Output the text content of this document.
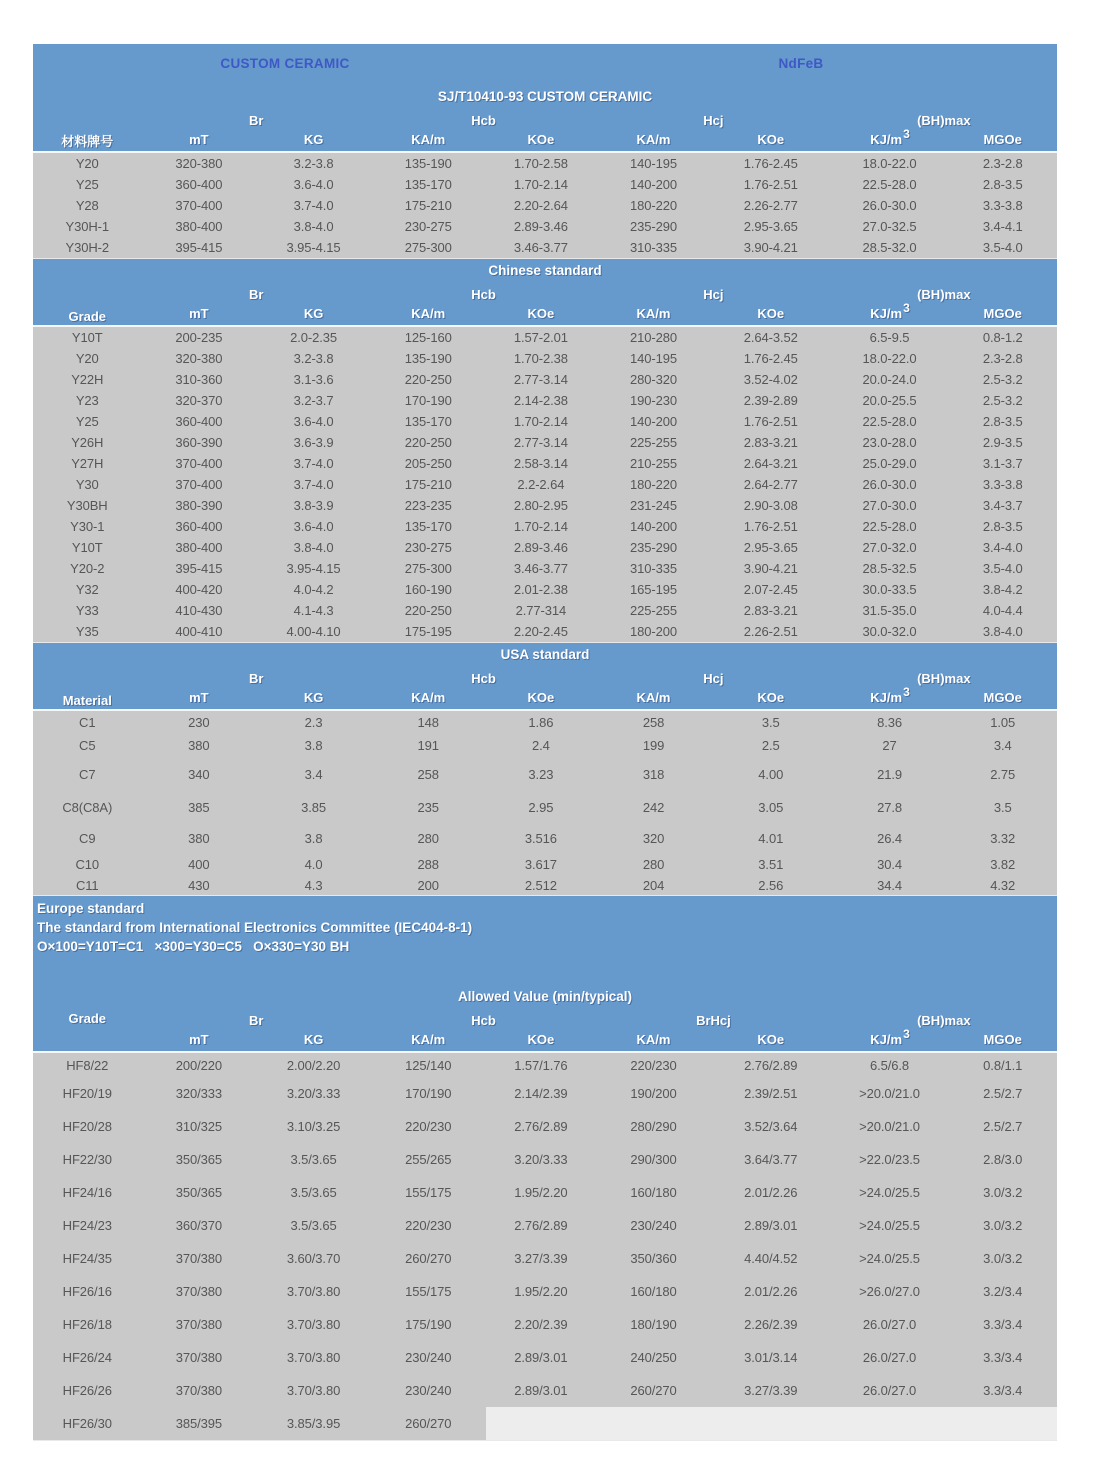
CUSTOM CERAMIC	NdFeB
SJ/T10410-93 CUSTOM CERAMIC								
材料牌号	Br		Hcb		Hcj		(BH)max	
	mT	KG	KA/m	KOe	KA/m	KOe	KJ/m3	MGOe
Y20	320-380	3.2-3.8	135-190	1.70-2.58	140-195	1.76-2.45	18.0-22.0	2.3-2.8
Y25	360-400	3.6-4.0	135-170	1.70-2.14	140-200	1.76-2.51	22.5-28.0	2.8-3.5
Y28	370-400	3.7-4.0	175-210	2.20-2.64	180-220	2.26-2.77	26.0-30.0	3.3-3.8
Y30H-1	380-400	3.8-4.0	230-275	2.89-3.46	235-290	2.95-3.65	27.0-32.5	3.4-4.1
Y30H-2	395-415	3.95-4.15	275-300	3.46-3.77	310-335	3.90-4.21	28.5-32.0	3.5-4.0
Chinese standard								
Grade	Br		Hcb		Hcj		(BH)max	
	mT	KG	KA/m	KOe	KA/m	KOe	KJ/m3	MGOe
Y10T	200-235	2.0-2.35	125-160	1.57-2.01	210-280	2.64-3.52	6.5-9.5	0.8-1.2
Y20	320-380	3.2-3.8	135-190	1.70-2.38	140-195	1.76-2.45	18.0-22.0	2.3-2.8
Y22H	310-360	3.1-3.6	220-250	2.77-3.14	280-320	3.52-4.02	20.0-24.0	2.5-3.2
Y23	320-370	3.2-3.7	170-190	2.14-2.38	190-230	2.39-2.89	20.0-25.5	2.5-3.2
Y25	360-400	3.6-4.0	135-170	1.70-2.14	140-200	1.76-2.51	22.5-28.0	2.8-3.5
Y26H	360-390	3.6-3.9	220-250	2.77-3.14	225-255	2.83-3.21	23.0-28.0	2.9-3.5
Y27H	370-400	3.7-4.0	205-250	2.58-3.14	210-255	2.64-3.21	25.0-29.0	3.1-3.7
Y30	370-400	3.7-4.0	175-210	2.2-2.64	180-220	2.64-2.77	26.0-30.0	3.3-3.8
Y30BH	380-390	3.8-3.9	223-235	2.80-2.95	231-245	2.90-3.08	27.0-30.0	3.4-3.7
Y30-1	360-400	3.6-4.0	135-170	1.70-2.14	140-200	1.76-2.51	22.5-28.0	2.8-3.5
Y10T	380-400	3.8-4.0	230-275	2.89-3.46	235-290	2.95-3.65	27.0-32.0	3.4-4.0
Y20-2	395-415	3.95-4.15	275-300	3.46-3.77	310-335	3.90-4.21	28.5-32.5	3.5-4.0
Y32	400-420	4.0-4.2	160-190	2.01-2.38	165-195	2.07-2.45	30.0-33.5	3.8-4.2
Y33	410-430	4.1-4.3	220-250	2.77-314	225-255	2.83-3.21	31.5-35.0	4.0-4.4
Y35	400-410	4.00-4.10	175-195	2.20-2.45	180-200	2.26-2.51	30.0-32.0	3.8-4.0
USA standard								
Material	Br		Hcb		Hcj		(BH)max	
	mT	KG	KA/m	KOe	KA/m	KOe	KJ/m3	MGOe
C1	230	2.3	148	1.86	258	3.5	8.36	1.05
C5	380	3.8	191	2.4	199	2.5	27	3.4
C7	340	3.4	258	3.23	318	4.00	21.9	2.75
C8(C8A)	385	3.85	235	2.95	242	3.05	27.8	3.5
C9	380	3.8	280	3.516	320	4.01	26.4	3.32
C10	400	4.0	288	3.617	280	3.51	30.4	3.82
C11	430	4.3	200	2.512	204	2.56	34.4	4.32
Europe standard
The standard from International Electronics Committee (IEC404-8-1)
O×100=Y10T=C1   ×300=Y30=C5   O×330=Y30 BH
Allowed Value (min/typical)								
Grade	Br		Hcb		BrHcj		(BH)max	
	mT	KG	KA/m	KOe	KA/m	KOe	KJ/m3	MGOe
HF8/22	200/220	2.00/2.20	125/140	1.57/1.76	220/230	2.76/2.89	6.5/6.8	0.8/1.1
HF20/19	320/333	3.20/3.33	170/190	2.14/2.39	190/200	2.39/2.51	>20.0/21.0	2.5/2.7
HF20/28	310/325	3.10/3.25	220/230	2.76/2.89	280/290	3.52/3.64	>20.0/21.0	2.5/2.7
HF22/30	350/365	3.5/3.65	255/265	3.20/3.33	290/300	3.64/3.77	>22.0/23.5	2.8/3.0
HF24/16	350/365	3.5/3.65	155/175	1.95/2.20	160/180	2.01/2.26	>24.0/25.5	3.0/3.2
HF24/23	360/370	3.5/3.65	220/230	2.76/2.89	230/240	2.89/3.01	>24.0/25.5	3.0/3.2
HF24/35	370/380	3.60/3.70	260/270	3.27/3.39	350/360	4.40/4.52	>24.0/25.5	3.0/3.2
HF26/16	370/380	3.70/3.80	155/175	1.95/2.20	160/180	2.01/2.26	>26.0/27.0	3.2/3.4
HF26/18	370/380	3.70/3.80	175/190	2.20/2.39	180/190	2.26/2.39	26.0/27.0	3.3/3.4
HF26/24	370/380	3.70/3.80	230/240	2.89/3.01	240/250	3.01/3.14	26.0/27.0	3.3/3.4
HF26/26	370/380	3.70/3.80	230/240	2.89/3.01	260/270	3.27/3.39	26.0/27.0	3.3/3.4
HF26/30	385/395	3.85/3.95	260/270					
